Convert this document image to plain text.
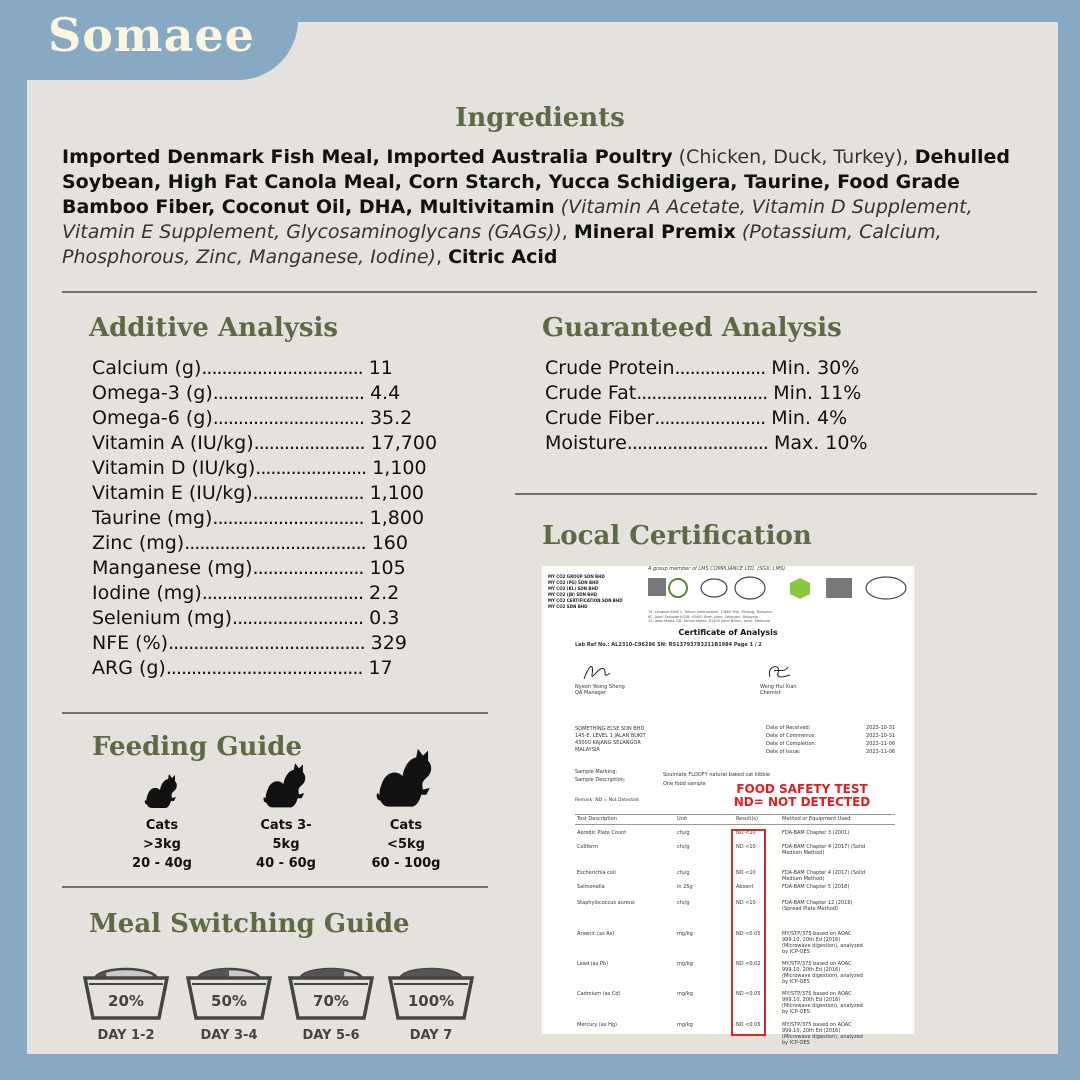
Somaee
Ingredients

Imported Denmark Fish Meal, Imported Australia Poultry (Chicken, Duck, Turkey), Dehulled Soybean, High Fat Canola Meal, Corn Starch, Yucca Schidigera, Taurine, Food Grade Bamboo Fiber, Coconut Oil, DHA, Multivitamin (Vitamin A Acetate, Vitamin D Supplement, Vitamin E Supplement, Glycosaminoglycans (GAGs)), Mineral Premix (Potassium, Calcium, Phosphorous, Zinc, Manganese, Iodine), Citric Acid

Additive Analysis
Calcium (g)................................ 11
Omega-3 (g).............................. 4.4
Omega-6 (g).............................. 35.2
Vitamin A (IU/kg)...................... 17,700
Vitamin D (IU/kg)...................... 1,100
Vitamin E (IU/kg)...................... 1,100
Taurine (mg).............................. 1,800
Zinc (mg).................................... 160
Manganese (mg)...................... 105
Iodine (mg)................................ 2.2
Selenium (mg).......................... 0.3
NFE (%)....................................... 329
ARG (g)....................................... 17
Guaranteed Analysis
Crude Protein.................. Min. 30%
Crude Fat.......................... Min. 11%
Crude Fiber...................... Min. 4%
Moisture............................ Max. 10%
Feeding Guide
Cats >3kg
20 - 40g
Cats 3-5kg
40 - 60g
Cats <5kg
60 - 100g
Meal Switching Guide
20%
DAY 1-2
50%
DAY 3-4
70%
DAY 5-6
100%
DAY 7
Local Certification
A group member of LMS COMPLIANCE LTD. (SGX: LMS)
MY CO2 GROUP SDN BHD
MY CO2 (PG) SDN BHD
MY CO2 (KL) SDN BHD
MY CO2 (JB) SDN BHD
MY CO2 CERTIFICATION SDN BHD
MY CO2 SDN BHD
15, Lengkok Kikik 1, Taman Inderawasih, 13600 Prai, Penang, Malaysia
6C, Jalan Serpada 8/2/8, 40400 Shah Alam, Selangor, Malaysia
15, Jalan Molek 1/8, Taman Molek, 81100 Johor Bahru, Johor, Malaysia
Certificate of Analysis
Lab Ref No.: AL2310-C96286 SN: RS13793783211B1984 Page 1 / 2
Nyeoh Yeong Sheng
QA Manager
Wong Hui Xian
Chemist
SOMETHING ELSE SDN BHD
145-E, LEVEL 1 JALAN BUKIT
43000 KAJANG SELANGOR
MALAYSIA
Date of Received:	2023-10-31
Date of Commence:	2023-10-31
Date of Completion:	2023-11-06
Date of Issue:	2023-11-06
Sample Marking:
Sample Description:
Soulmate FLOOFY natural baked cat kibble
One food sample
Remark: ND = Not Detected
FOOD SAFETY TEST
ND= NOT DETECTED
Test Description	Unit	Result(s)	Method or Equipment Used
Aerobic Plate Count	cfu/g	ND <10	FDA-BAM Chapter 3 (2001)
Coliform	cfu/g	ND <10	FDA-BAM Chapter 4 (2017) (Solid Medium Method)
Escherichia coli	cfu/g	ND <10	FDA-BAM Chapter 4 (2017) (Solid Medium Method)
Salmonella	in 25g	Absent	FDA-BAM Chapter 5 (2018)
Staphylococcus aureus	cfu/g	ND <10	FDA-BAM Chapter 12 (2016) (Spread Plate Method)
Arsenic (as As)	mg/kg	ND <0.05	MY/STP/375 based on AOAC 999.10, 20th Ed (2016) (Microwave digestion), analyzed by ICP-OES
Lead (as Pb)	mg/kg	ND <0.02	MY/STP/375 based on AOAC 999.10, 20th Ed (2016) (Microwave digestion), analyzed by ICP-OES
Cadmium (as Cd)	mg/kg	ND <0.05	MY/STP/375 based on AOAC 999.10, 20th Ed (2016) (Microwave digestion), analyzed by ICP-OES
Mercury (as Hg)	mg/kg	ND <0.05	MY/STP/375 based on AOAC 999.10, 20th Ed (2016) (Microwave digestion), analyzed by ICP-OES
